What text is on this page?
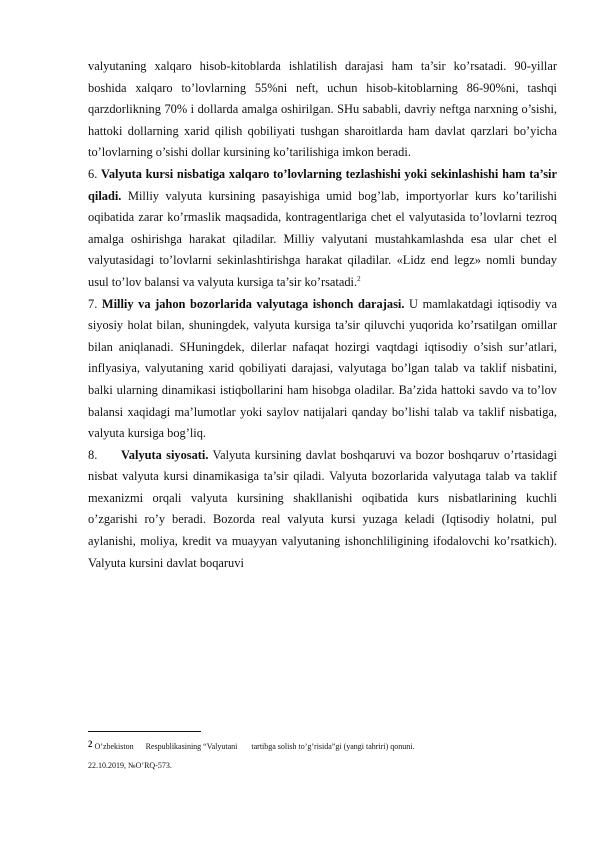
valyutaning xalqaro hisob-kitoblarda ishlatilish darajasi ham ta’sir ko’rsatadi. 90-yillar boshida xalqaro to’lovlarning 55%ni neft, uchun hisob-kitoblarning 86-90%ni, tashqi qarzdorlikning 70% i dollarda amalga oshirilgan. SHu sababli, davriy neftga narxning o’sishi, hattoki dollarning xarid qilish qobiliyati tushgan sharoitlarda ham davlat qarzlari bo’yicha to’lovlarning o’sishi dollar kursining ko’tarilishiga imkon beradi.

6. Valyuta kursi nisbatiga xalqaro to’lovlarning tezlashishi yoki sekinlashishi ham ta’sir qiladi. Milliy valyuta kursining pasayishiga umid bog’lab, importyorlar kurs ko’tarilishi oqibatida zarar ko’rmaslik maqsadida, kontragentlariga chet el valyutasida to’lovlarni tezroq amalga oshirishga harakat qiladilar. Milliy valyutani mustahkamlashda esa ular chet el valyutasidagi to’lovlarni sekinlashtirishga harakat qiladilar. «Lidz end legz» nomli bunday usul to’lov balansi va valyuta kursiga ta’sir ko’rsatadi.$^2$

7. Milliy va jahon bozorlarida valyutaga ishonch darajasi. U mamlakatdagi iqtisodiy va siyosiy holat bilan, shuningdek, valyuta kursiga ta’sir qiluvchi yuqorida ko’rsatilgan omillar bilan aniqlanadi. SHuningdek, dilerlar nafaqat hozirgi vaqtdagi iqtisodiy o’sish sur’atlari, inflyasiya, valyutaning xarid qobiliyati darajasi, valyutaga bo’lgan talab va taklif nisbatini, balki ularning dinamikasi istiqbollarini ham hisobga oladilar. Ba’zida hattoki savdo va to’lov balansi xaqidagi ma’lumotlar yoki saylov natijalari qanday bo’lishi talab va taklif nisbatiga, valyuta kursiga bog’liq.

8. Valyuta siyosati. Valyuta kursining davlat boshqaruvi va bozor boshqaruv o’rtasidagi nisbat valyuta kursi dinamikasiga ta’sir qiladi. Valyuta bozorlarida valyutaga talab va taklif mexanizmi orqali valyuta kursining shakllanishi oqibatida kurs nisbatlarining kuchli o’zgarishi ro’y beradi. Bozorda real valyuta kursi yuzaga keladi (Iqtisodiy holatni, pul aylanishi, moliya, kredit va muayyan valyutaning ishonchliligining ifodalovchi ko’rsatkich). Valyuta kursini davlat boqaruvi

2 O’zbekiston Respublikasining “Valyutani tartibga solish to’g’risida”gi (yangi tahriri) qonuni.
22.10.2019, №O’RQ-573.
